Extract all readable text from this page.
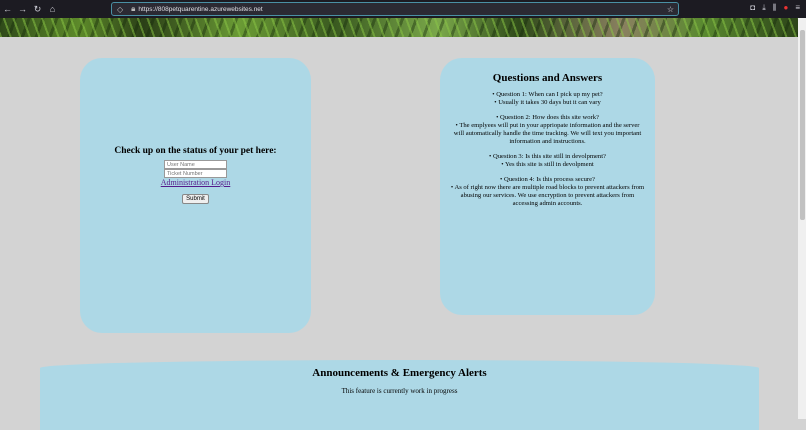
← → ↻ ⌂	◇ 🔒︎ https://808petquarentine.azurewebsites.net	☆	◘ ⤓ ⫼ ● ≡
Check up on the status of your pet here:
User Name
Ticket Number
Administration Login
Submit
Questions and Answers

• Question 1: When can I pick up my pet?

• Usually it takes 30 days but it can vary

• Question 2: How does this site work?

• The emplyees will put in your appriopate information and the server will automatically handle the time tracking. We will text you important information and instructions.

• Question 3: Is this site still in devolpment?

• Yes this site is still in devolpment

• Question 4: Is this process secure?

• As of right now there are multiple road blocks to prevent attackers from abusing our services. We use encryption to prevent attackers from accessing admin accounts.

Announcements & Emergency Alerts

This feature is currently work in progress
